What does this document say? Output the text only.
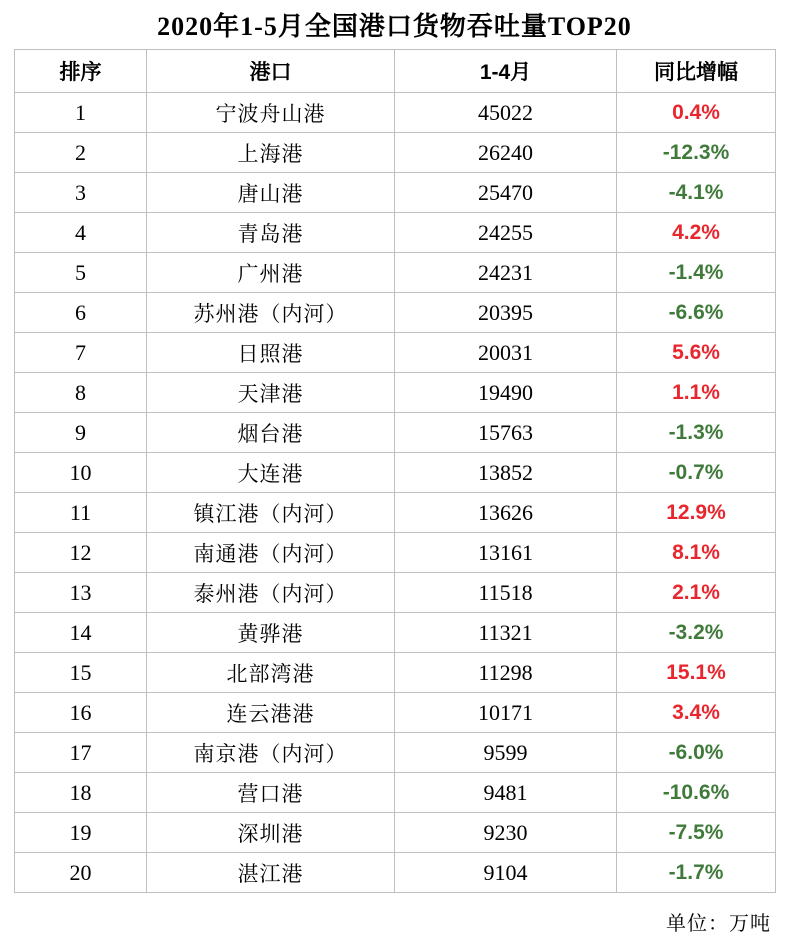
2020年1-5月全国港口货物吞吐量TOP20
排序	港口	1-4月	同比增幅
1	宁波舟山港	45022	0.4%
2	上海港	26240	-12.3%
3	唐山港	25470	-4.1%
4	青岛港	24255	4.2%
5	广州港	24231	-1.4%
6	苏州港（内河）	20395	-6.6%
7	日照港	20031	5.6%
8	天津港	19490	1.1%
9	烟台港	15763	-1.3%
10	大连港	13852	-0.7%
11	镇江港（内河）	13626	12.9%
12	南通港（内河）	13161	8.1%
13	泰州港（内河）	11518	2.1%
14	黄骅港	11321	-3.2%
15	北部湾港	11298	15.1%
16	连云港港	10171	3.4%
17	南京港（内河）	9599	-6.0%
18	营口港	9481	-10.6%
19	深圳港	9230	-7.5%
20	湛江港	9104	-1.7%
单位：万吨
